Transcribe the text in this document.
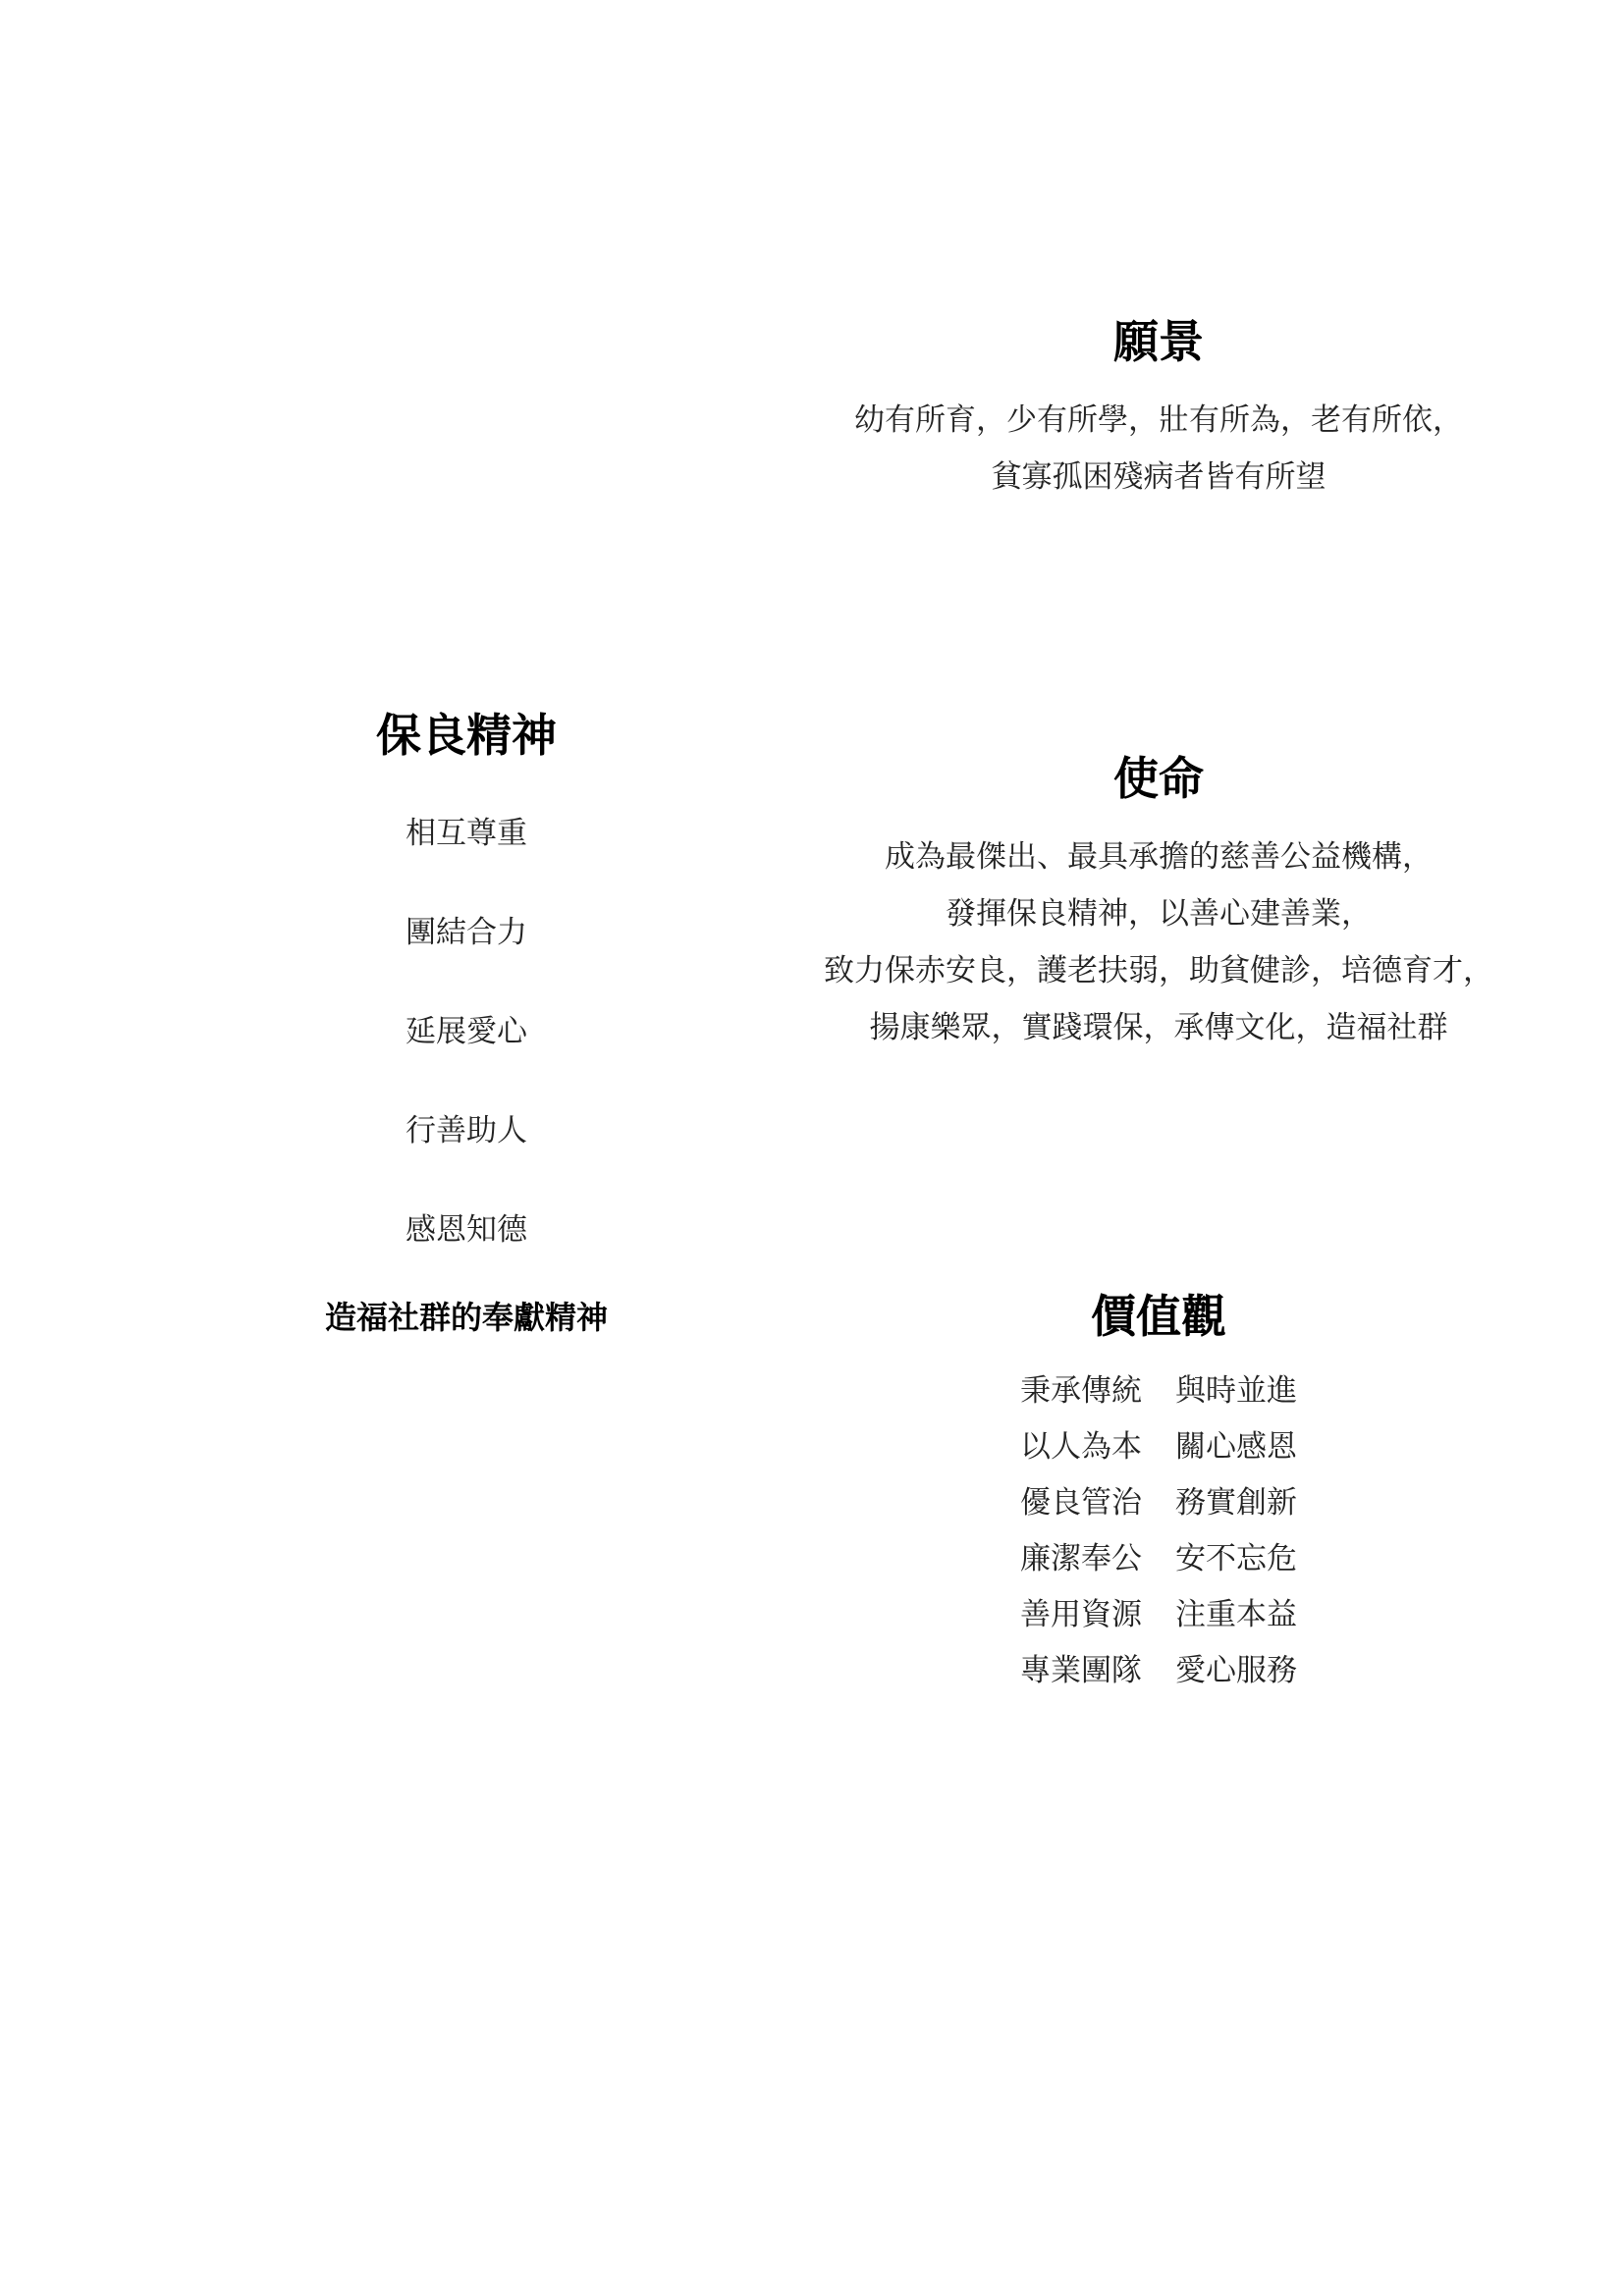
願景
幼有所育，少有所學，壯有所為，老有所依，
貧寡孤困殘病者皆有所望
保良精神
相互尊重
團結合力
延展愛心
行善助人
感恩知德
造福社群的奉獻精神
使命
成為最傑出、最具承擔的慈善公益機構，
發揮保良精神，以善心建善業，
致力保赤安良，護老扶弱，助貧健診，培德育才，
揚康樂眾，實踐環保，承傳文化，造福社群
價值觀
秉承傳統 與時並進
以人為本 關心感恩
優良管治 務實創新
廉潔奉公 安不忘危
善用資源 注重本益
專業團隊 愛心服務
